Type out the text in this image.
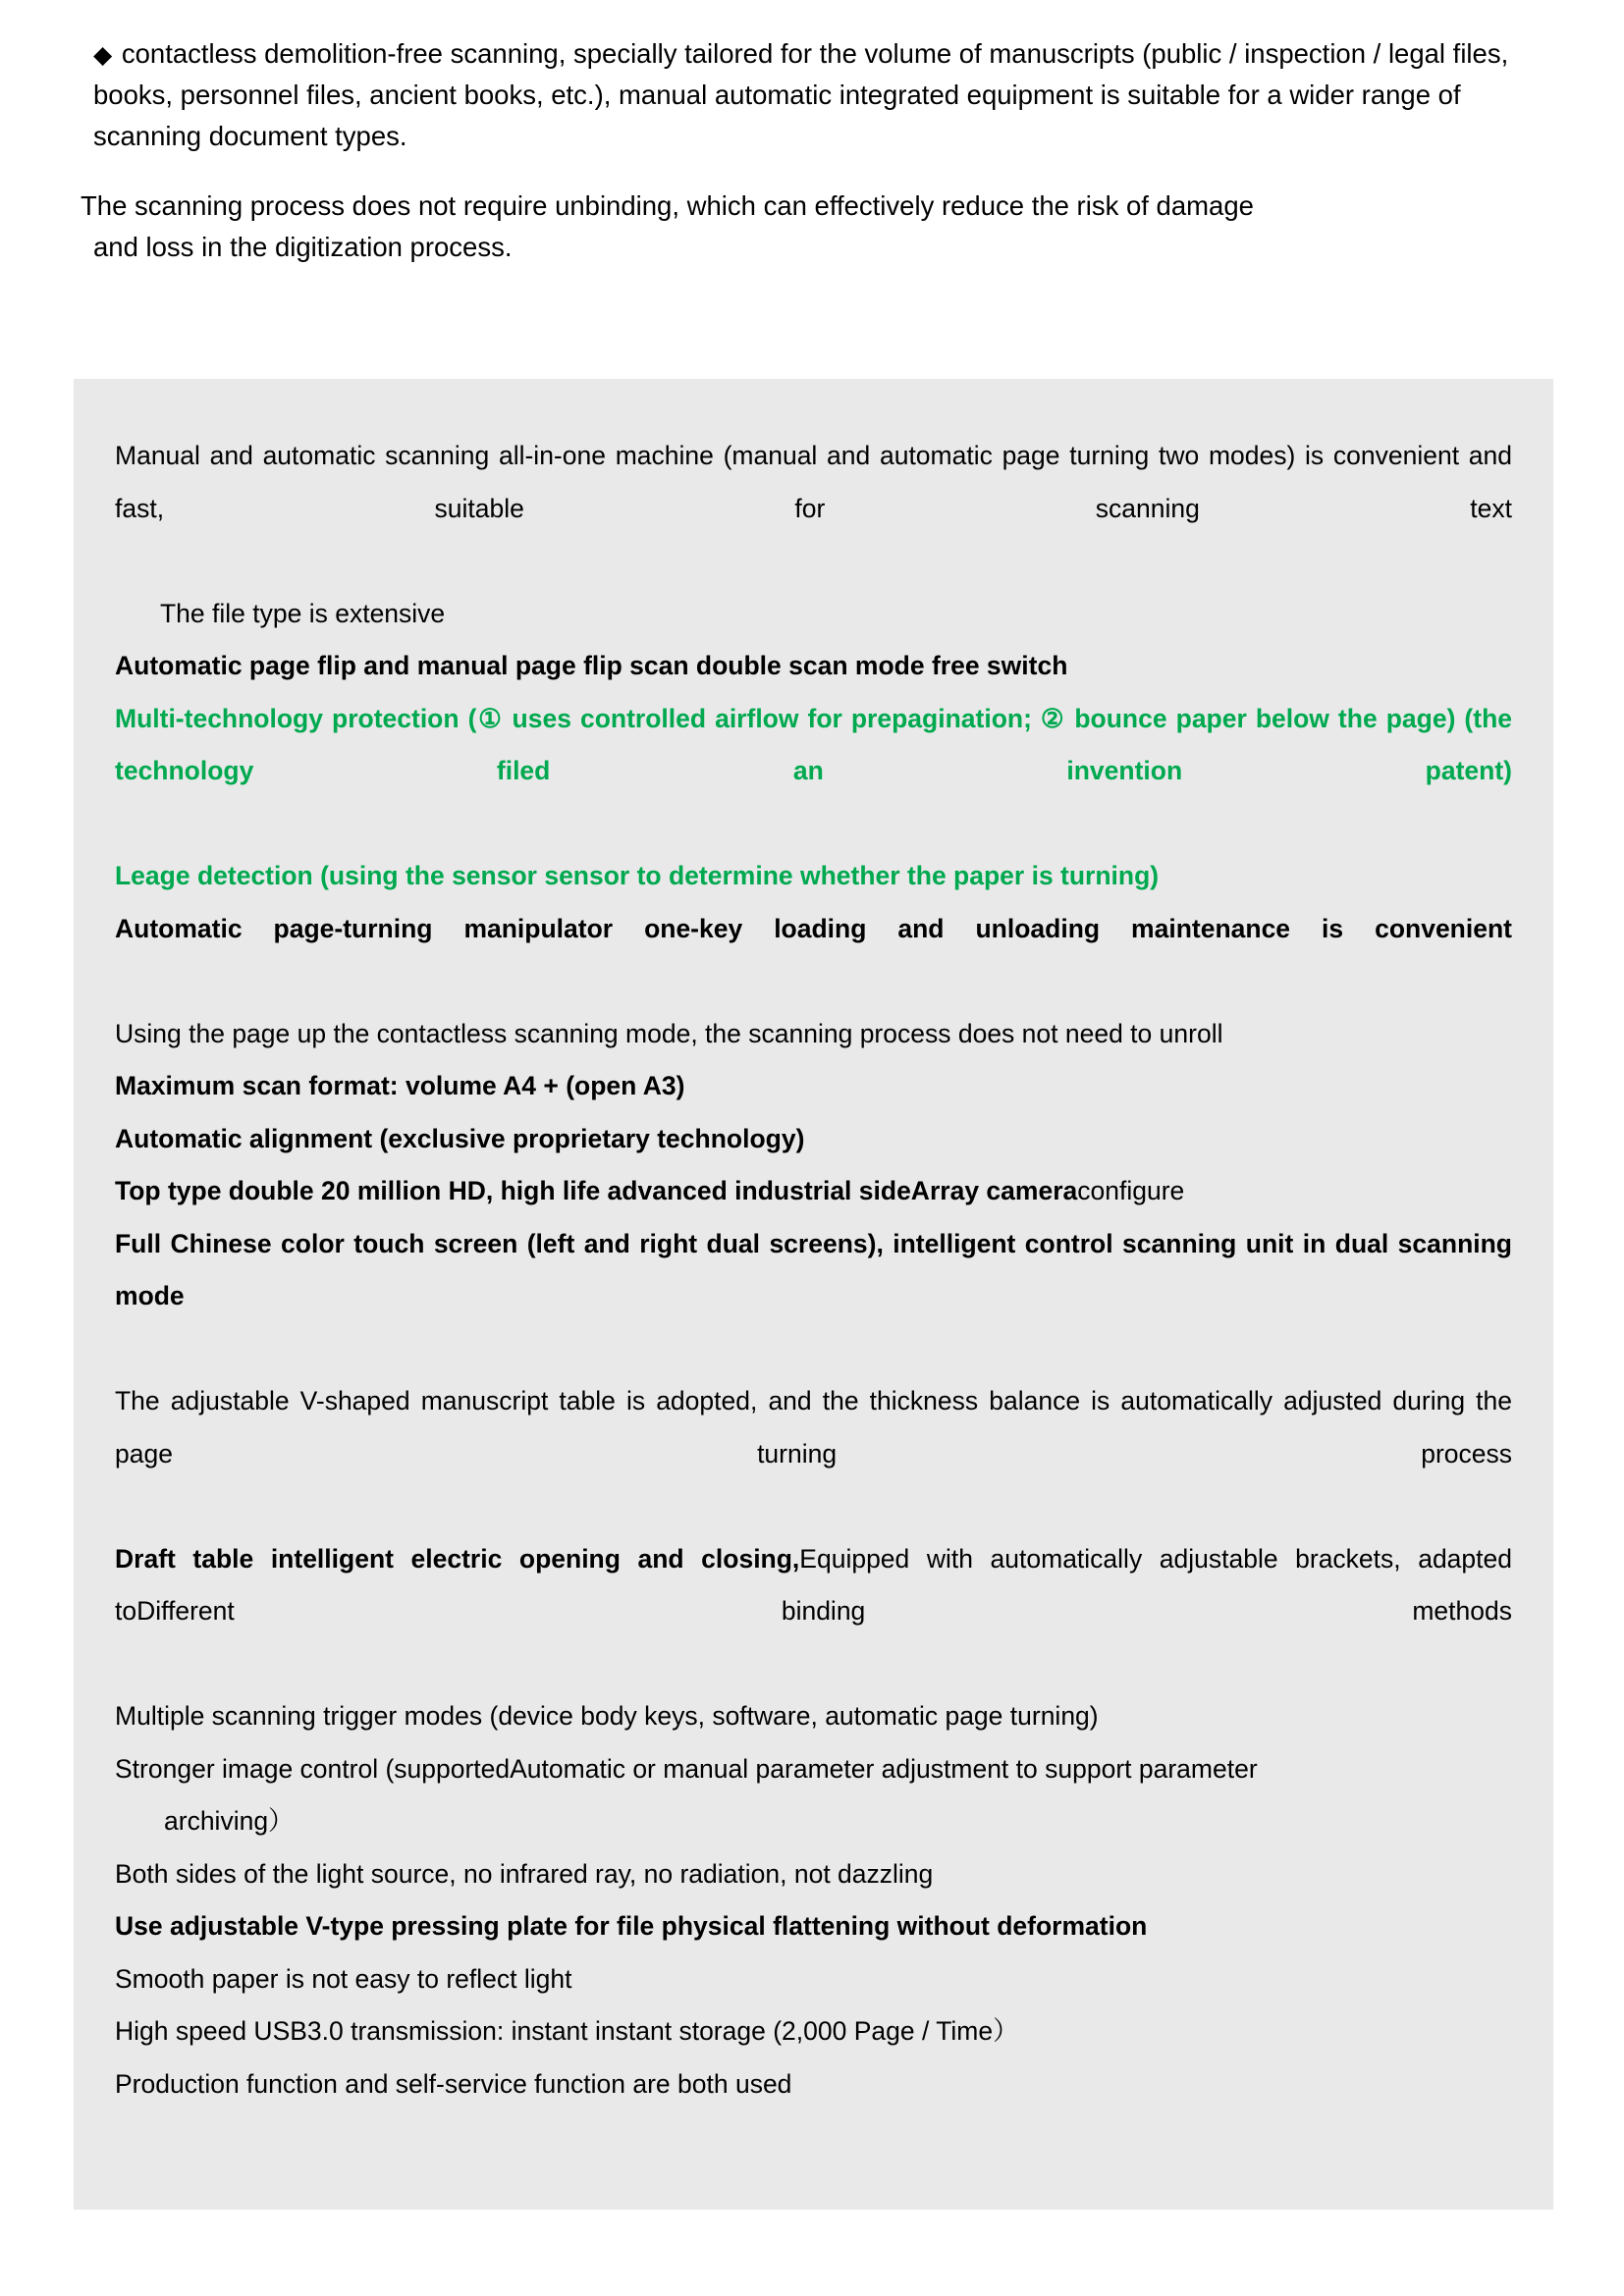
◆ contactless demolition-free scanning, specially tailored for the volume of manuscripts (public / inspection / legal files, books, personnel files, ancient books, etc.), manual automatic integrated equipment is suitable for a wider range of scanning document types.

The scanning process does not require unbinding, which can effectively reduce the risk of damage
and loss in the digitization process.

Manual and automatic scanning all-in-one machine (manual and automatic page turning two modes) is convenient and fast, suitable for scanning text

The file type is extensive

Automatic page flip and manual page flip scan double scan mode free switch

Multi-technology protection (① uses controlled airflow for prepagination; ② bounce paper below the page) (the technology filed an invention patent)

Leage detection (using the sensor sensor to determine whether the paper is turning)

Automatic page-turning manipulator one-key loading and unloading maintenance is convenient

Using the page up the contactless scanning mode, the scanning process does not need to unroll

Maximum scan format: volume A4 + (open A3)

Automatic alignment (exclusive proprietary technology)

Top type double 20 million HD, high life advanced industrial sideArray cameraconfigure

Full Chinese color touch screen (left and right dual screens), intelligent control scanning unit in dual scanning mode

The adjustable V-shaped manuscript table is adopted, and the thickness balance is automatically adjusted during the page turning process

Draft table intelligent electric opening and closing,Equipped with automatically adjustable brackets, adapted toDifferent binding methods

Multiple scanning trigger modes (device body keys, software, automatic page turning)

Stronger image control (supportedAutomatic or manual parameter adjustment to support parameter
archiving）

Both sides of the light source, no infrared ray, no radiation, not dazzling

Use adjustable V-type pressing plate for file physical flattening without deformation

Smooth paper is not easy to reflect light

High speed USB3.0 transmission: instant instant storage (2,000 Page / Time）

Production function and self-service function are both used
